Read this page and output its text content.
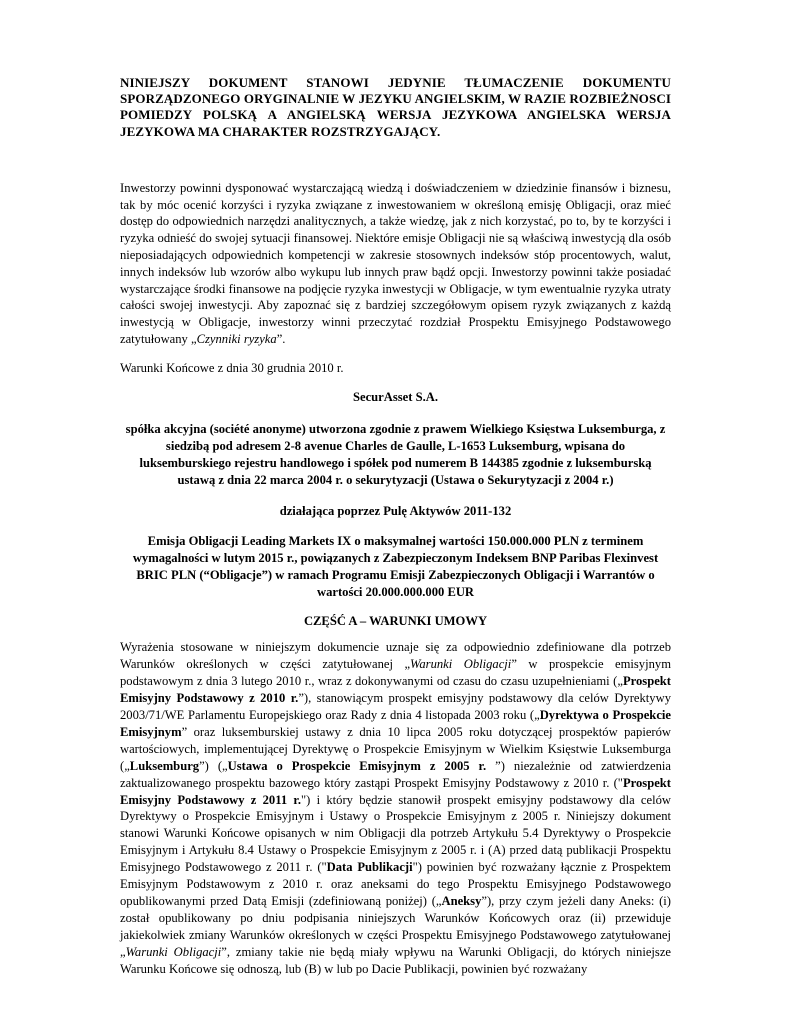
NINIEJSZY DOKUMENT STANOWI JEDYNIE TŁUMACZENIE DOKUMENTU SPORZĄDZONEGO ORYGINALNIE W JEZYKU ANGIELSKIM, W RAZIE ROZBIEŻNOSCI POMIEDZY POLSKĄ A ANGIELSKĄ WERSJA JEZYKOWA ANGIELSKA WERSJA JEZYKOWA MA CHARAKTER ROZSTRZYGAJĄCY.

Inwestorzy powinni dysponować wystarczającą wiedzą i doświadczeniem w dziedzinie finansów i biznesu, tak by móc ocenić korzyści i ryzyka związane z inwestowaniem w określoną emisję Obligacji, oraz mieć dostęp do odpowiednich narzędzi analitycznych, a także wiedzę, jak z nich korzystać, po to, by te korzyści i ryzyka odnieść do swojej sytuacji finansowej. Niektóre emisje Obligacji nie są właściwą inwestycją dla osób nieposiadających odpowiednich kompetencji w zakresie stosownych indeksów stóp procentowych, walut, innych indeksów lub wzorów albo wykupu lub innych praw bądź opcji. Inwestorzy powinni także posiadać wystarczające środki finansowe na podjęcie ryzyka inwestycji w Obligacje, w tym ewentualnie ryzyka utraty całości swojej inwestycji. Aby zapoznać się z bardziej szczegółowym opisem ryzyk związanych z każdą inwestycją w Obligacje, inwestorzy winni przeczytać rozdział Prospektu Emisyjnego Podstawowego zatytułowany „Czynniki ryzyka”.

Warunki Końcowe z dnia 30 grudnia 2010 r.

SecurAsset S.A.

spółka akcyjna (société anonyme) utworzona zgodnie z prawem Wielkiego Księstwa Luksemburga, z siedzibą pod adresem 2-8 avenue Charles de Gaulle, L-1653 Luksemburg, wpisana do luksemburskiego rejestru handlowego i spółek pod numerem B 144385 zgodnie z luksemburską ustawą z dnia 22 marca 2004 r. o sekurytyzacji (Ustawa o Sekurytyzacji z 2004 r.)

działająca poprzez Pulę Aktywów 2011-132

Emisja Obligacji Leading Markets IX o maksymalnej wartości 150.000.000 PLN z terminem wymagalności w lutym 2015 r., powiązanych z Zabezpieczonym Indeksem BNP Paribas Flexinvest BRIC PLN (“Obligacje”) w ramach Programu Emisji Zabezpieczonych Obligacji i Warrantów o wartości 20.000.000.000 EUR

CZĘŚĆ A – WARUNKI UMOWY

Wyrażenia stosowane w niniejszym dokumencie uznaje się za odpowiednio zdefiniowane dla potrzeb Warunków określonych w części zatytułowanej „Warunki Obligacji” w prospekcie emisyjnym podstawowym z dnia 3 lutego 2010 r., wraz z dokonywanymi od czasu do czasu uzupełnieniami („Prospekt Emisyjny Podstawowy z 2010 r.”), stanowiącym prospekt emisyjny podstawowy dla celów Dyrektywy 2003/71/WE Parlamentu Europejskiego oraz Rady z dnia 4 listopada 2003 roku („Dyrektywa o Prospekcie Emisyjnym” oraz luksemburskiej ustawy z dnia 10 lipca 2005 roku dotyczącej prospektów papierów wartościowych, implementującej Dyrektywę o Prospekcie Emisyjnym w Wielkim Księstwie Luksemburga („Luksemburg”) („Ustawa o Prospekcie Emisyjnym z 2005 r. ”) niezależnie od zatwierdzenia zaktualizowanego prospektu bazowego który zastąpi Prospekt Emisyjny Podstawowy z 2010 r. ("Prospekt Emisyjny Podstawowy z 2011 r.") i który będzie stanowił prospekt emisyjny podstawowy dla celów Dyrektywy o Prospekcie Emisyjnym i Ustawy o Prospekcie Emisyjnym z 2005 r. Niniejszy dokument stanowi Warunki Końcowe opisanych w nim Obligacji dla potrzeb Artykułu 5.4 Dyrektywy o Prospekcie Emisyjnym i Artykułu 8.4 Ustawy o Prospekcie Emisyjnym z 2005 r. i (A) przed datą publikacji Prospektu Emisyjnego Podstawowego z 2011 r. ("Data Publikacji") powinien być rozważany łącznie z Prospektem Emisyjnym Podstawowym z 2010 r. oraz aneksami do tego Prospektu Emisyjnego Podstawowego opublikowanymi przed Datą Emisji (zdefiniowaną poniżej) („Aneksy”), przy czym jeżeli dany Aneks: (i) został opublikowany po dniu podpisania niniejszych Warunków Końcowych oraz (ii) przewiduje jakiekolwiek zmiany Warunków określonych w części Prospektu Emisyjnego Podstawowego zatytułowanej „Warunki Obligacji”, zmiany takie nie będą miały wpływu na Warunki Obligacji, do których niniejsze Warunku Końcowe się odnoszą, lub (B) w lub po Dacie Publikacji, powinien być rozważany
